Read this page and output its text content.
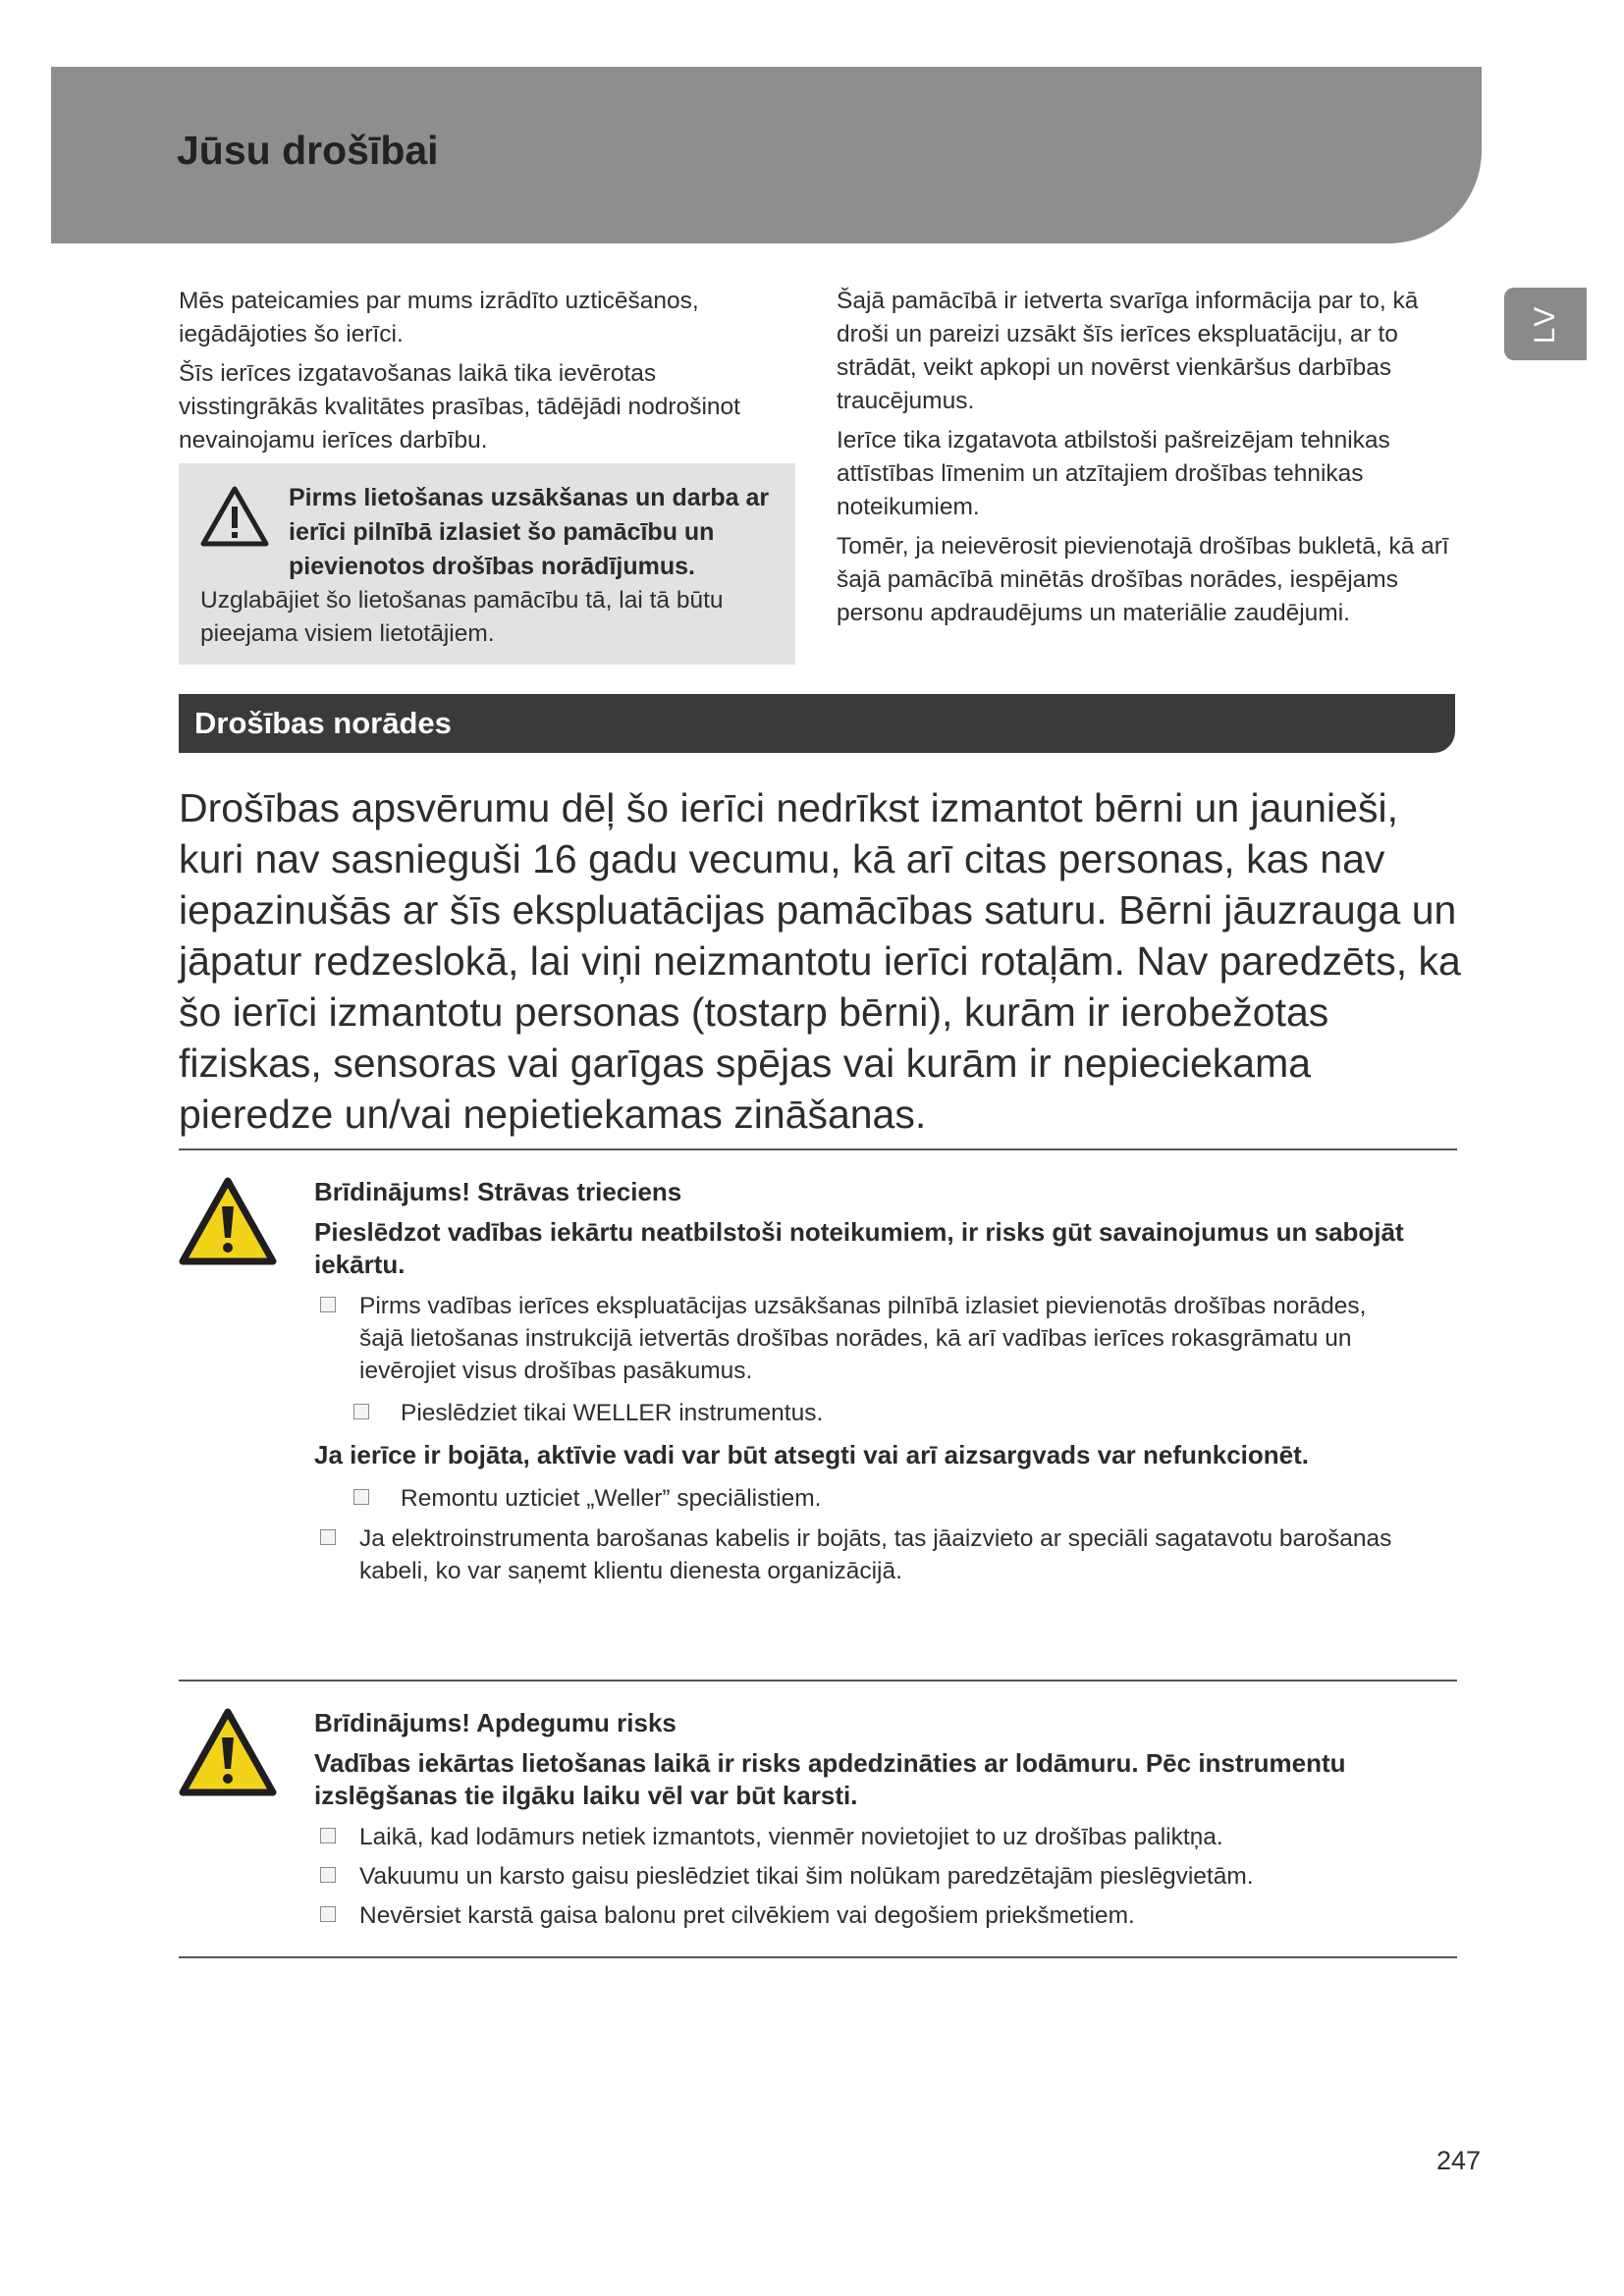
Jūsu drošībai
LV

Mēs pateicamies par mums izrādīto uzticēšanos, iegādājoties šo ierīci.

Šīs ierīces izgatavošanas laikā tika ievērotas visstingrākās kvalitātes prasības, tādējādi nodrošinot nevainojamu ierīces darbību.

Pirms lietošanas uzsākšanas un darba ar ierīci pilnībā izlasiet šo pamācību un pievienotos drošības norādījumus.
Uzglabājiet šo lietošanas pamācību tā, lai tā būtu pieejama visiem lietotājiem.

Šajā pamācībā ir ietverta svarīga informācija par to, kā droši un pareizi uzsākt šīs ierīces ekspluatāciju, ar to strādāt, veikt apkopi un novērst vienkāršus darbības traucējumus.

Ierīce tika izgatavota atbilstoši pašreizējam tehnikas attīstības līmenim un atzītajiem drošības tehnikas noteikumiem.

Tomēr, ja neievērosit pievienotajā drošības bukletā, kā arī šajā pamācībā minētās drošības norādes, iespējams personu apdraudējums un materiālie zaudējumi.

Drošības norādes
Drošības apsvērumu dēļ šo ierīci nedrīkst izmantot bērni un jaunieši, kuri nav sasnieguši 16 gadu vecumu, kā arī citas personas, kas nav iepazinušās ar šīs ekspluatācijas pamācības saturu. Bērni jāuzrauga un jāpatur redzeslokā, lai viņi neizmantotu ierīci rotaļām. Nav paredzēts, ka šo ierīci izmantotu personas (tostarp bērni), kurām ir ierobežotas fiziskas, sensoras vai garīgas spējas vai kurām ir nepieciekama pieredze un/vai nepietiekamas zināšanas.
Brīdinājums! Strāvas trieciens
Pieslēdzot vadības iekārtu neatbilstoši noteikumiem, ir risks gūt savainojumus un sabojāt iekārtu.
Pirms vadības ierīces ekspluatācijas uzsākšanas pilnībā izlasiet pievienotās drošības norādes, šajā lietošanas instrukcijā ietvertās drošības norādes, kā arī vadības ierīces rokasgrāmatu un ievērojiet visus drošības pasākumus.
Pieslēdziet tikai WELLER instrumentus.
Ja ierīce ir bojāta, aktīvie vadi var būt atsegti vai arī aizsargvads var nefunkcionēt.
Remontu uzticiet „Weller” speciālistiem.
Ja elektroinstrumenta barošanas kabelis ir bojāts, tas jāaizvieto ar speciāli sagatavotu barošanas kabeli, ko var saņemt klientu dienesta organizācijā.
Brīdinājums! Apdegumu risks
Vadības iekārtas lietošanas laikā ir risks apdedzināties ar lodāmuru. Pēc instrumentu izslēgšanas tie ilgāku laiku vēl var būt karsti.
Laikā, kad lodāmurs netiek izmantots, vienmēr novietojiet to uz drošības paliktņa.
Vakuumu un karsto gaisu pieslēdziet tikai šim nolūkam paredzētajām pieslēgvietām.
Nevērsiet karstā gaisa balonu pret cilvēkiem vai degošiem priekšmetiem.
247
